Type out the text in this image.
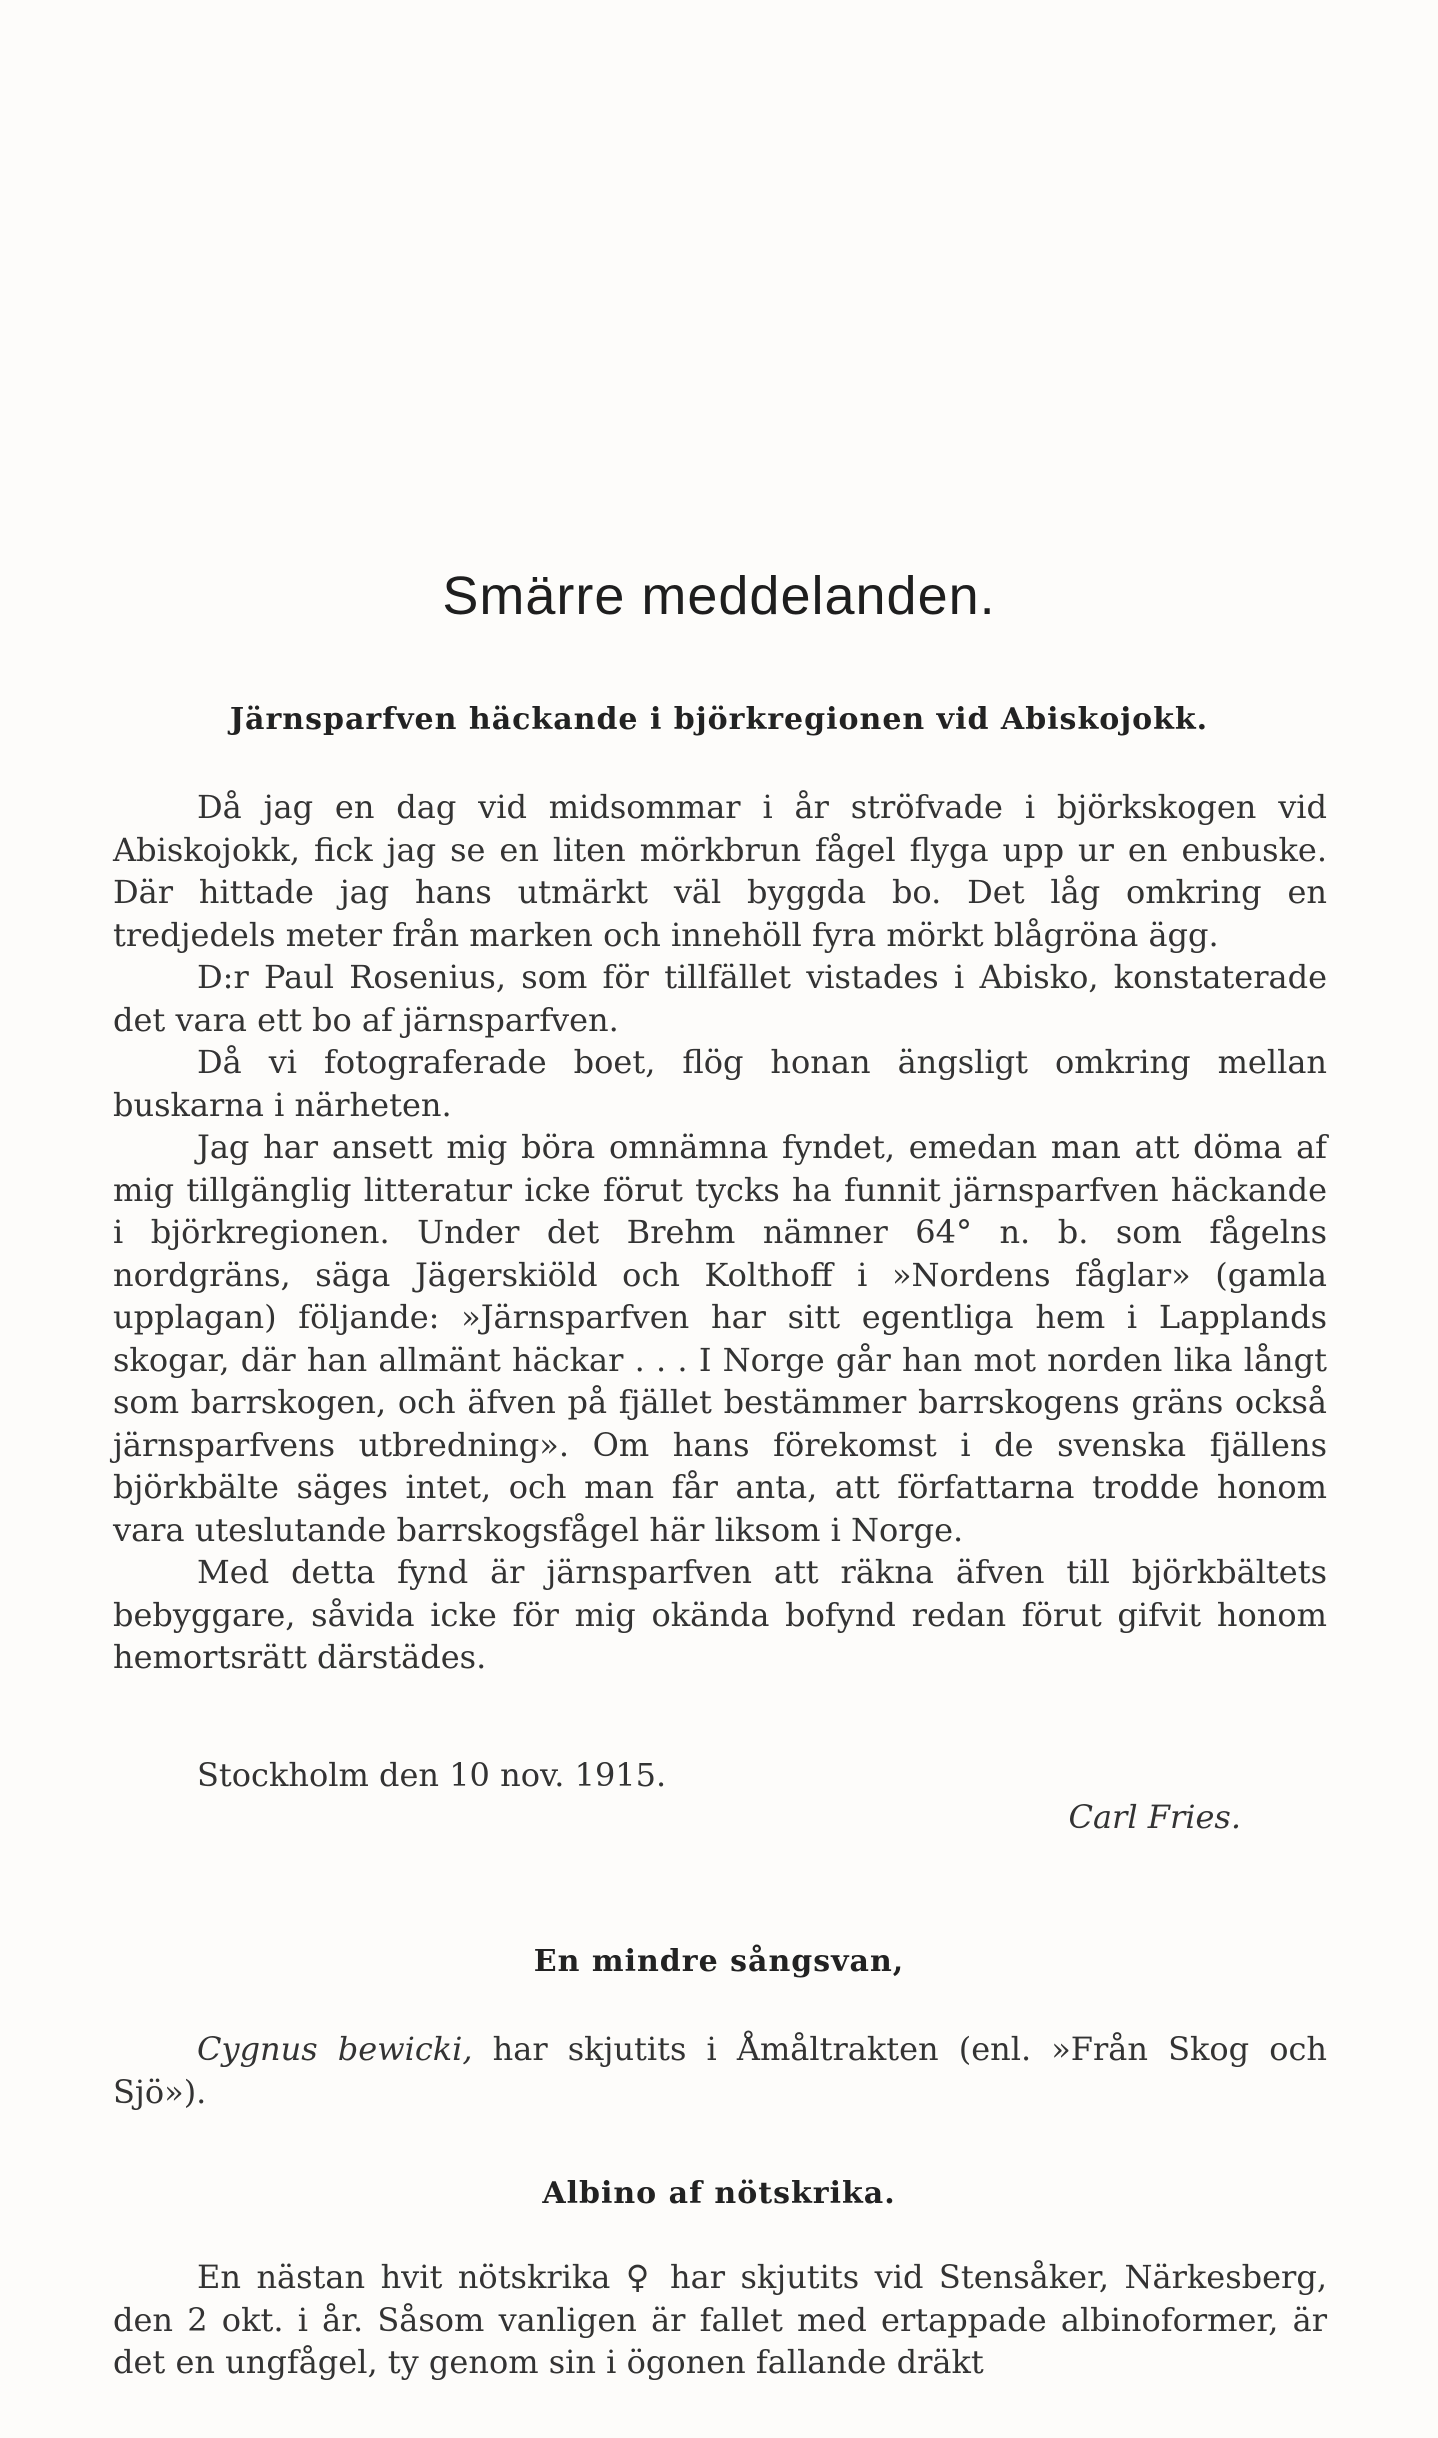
Smärre meddelanden.
Järnsparfven häckande i björkregionen vid Abiskojokk.

Då jag en dag vid midsommar i år ströfvade i björkskogen vid Abiskojokk, fick jag se en liten mörkbrun fågel flyga upp ur en enbuske. Där hittade jag hans utmärkt väl byggda bo. Det låg omkring en tredjedels meter från marken och innehöll fyra mörkt blågröna ägg.

D:r Paul Rosenius, som för tillfället vistades i Abisko, konstaterade det vara ett bo af järnsparfven.

Då vi fotograferade boet, flög honan ängsligt omkring mellan buskarna i närheten.

Jag har ansett mig böra omnämna fyndet, emedan man att döma af mig tillgänglig litteratur icke förut tycks ha funnit järnsparfven häckande i björkregionen. Under det Brehm nämner 64° n. b. som fågelns nordgräns, säga Jägerskiöld och Kolthoff i »Nordens fåglar» (gamla upplagan) följande: »Järnsparfven har sitt egentliga hem i Lapplands skogar, där han allmänt häckar . . . I Norge går han mot norden lika långt som barrskogen, och äfven på fjället bestämmer barrskogens gräns också järnsparfvens utbredning». Om hans förekomst i de svenska fjällens björkbälte säges intet, och man får anta, att författarna trodde honom vara uteslutande barrskogsfågel här liksom i Norge.

Med detta fynd är järnsparfven att räkna äfven till björkbältets bebyggare, såvida icke för mig okända bofynd redan förut gifvit honom hemortsrätt därstädes.

Stockholm den 10 nov. 1915.
Carl Fries.
En mindre sångsvan,

Cygnus bewicki, har skjutits i Åmåltrakten (enl. »Från Skog och Sjö»).

Albino af nötskrika.

En nästan hvit nötskrika ♀ har skjutits vid Stensåker, Närkesberg, den 2 okt. i år. Såsom vanligen är fallet med ertappade albinoformer, är det en ungfågel, ty genom sin i ögonen fallande dräkt
